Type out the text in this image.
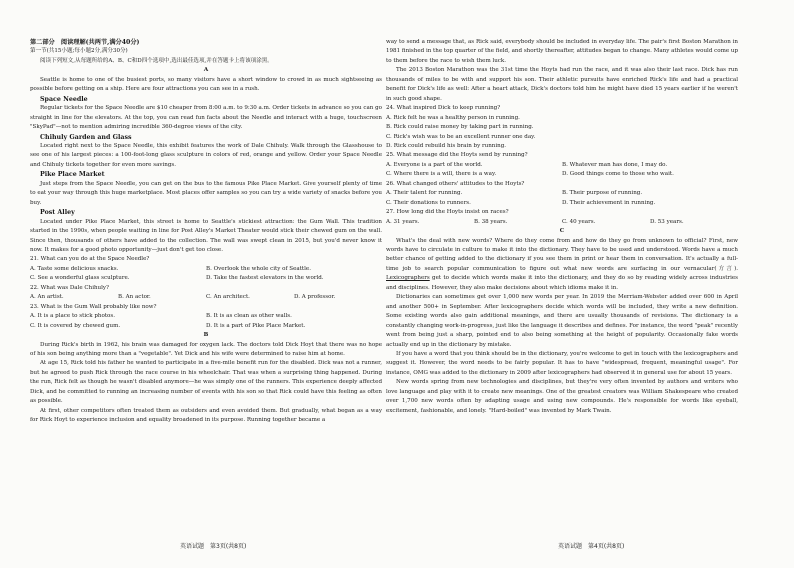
第二部分　阅读理解(共两节,满分40分)

第一节(共15小题;每小题2分,满分30分)

阅读下列短文,从每题所给的A、B、C和D四个选项中,选出最佳选项,并在答题卡上将该项涂黑。

A

Seattle is home to one of the busiest ports, so many visitors have a short window to crowd in as much sightseeing as possible before getting on a ship. Here are four attractions you can see in a rush.

Space Needle

Regular tickets for the Space Needle are $10 cheaper from 8:00 a.m. to 9:30 a.m. Order tickets in advance so you can go straight in line for the elevators. At the top, you can read fun facts about the Needle and interact with a huge, touchscreen "SkyPad"—not to mention admiring incredible 360-degree views of the city.

Chihuly Garden and Glass

Located right next to the Space Needle, this exhibit features the work of Dale Chihuly. Walk through the Glasshouse to see one of his largest pieces: a 100-foot-long glass sculpture in colors of red, orange and yellow. Order your Space Needle and Chihuly tickets together for even more savings.

Pike Place Market

Just steps from the Space Needle, you can get on the bus to the famous Pike Place Market. Give yourself plenty of time to eat your way through this huge marketplace. Most places offer samples so you can try a wide variety of snacks before you buy.

Post Alley

Located under Pike Place Market, this street is home to Seattle's stickiest attraction: the Gum Wall. This tradition started in the 1990s, when people waiting in line for Post Alley's Market Theater would stick their chewed gum on the wall. Since then, thousands of others have added to the collection. The wall was swept clean in 2015, but you'd never know it now. It makes for a good photo opportunity—just don't get too close.

21. What can you do at the Space Needle?

A. Taste some delicious snacks.	B. Overlook the whole city of Seattle.
C. See a wonderful glass sculpture.	D. Take the fastest elevators in the world.

22. What was Dale Chihuly?

A. An artist.	B. An actor.	C. An architect.	D. A professor.

23. What is the Gum Wall probably like now?

A. It is a place to stick photos.	B. It is as clean as other walls.
C. It is covered by chewed gum.	D. It is a part of Pike Place Market.

B

During Rick's birth in 1962, his brain was damaged for oxygen lack. The doctors told Dick Hoyt that there was no hope of his son being anything more than a "vegetable". Yet Dick and his wife were determined to raise him at home.

At age 15, Rick told his father he wanted to participate in a five-mile benefit run for the disabled. Dick was not a runner, but he agreed to push Rick through the race course in his wheelchair. That was when a surprising thing happened. During the run, Rick felt as though he wasn't disabled anymore—he was simply one of the runners. This experience deeply affected Dick, and he committed to running an increasing number of events with his son so that Rick could have this feeling as often as possible.

At first, other competitors often treated them as outsiders and even avoided them. But gradually, what began as a way for Rick Hoyt to experience inclusion and equality broadened in its purpose. Running together became a

way to send a message that, as Rick said, everybody should be included in everyday life. The pair's first Boston Marathon in 1981 finished in the top quarter of the field, and shortly thereafter, attitudes began to change. Many athletes would come up to them before the race to wish them luck.

The 2013 Boston Marathon was the 31st time the Hoyts had run the race, and it was also their last race. Dick has run thousands of miles to be with and support his son. Their athletic pursuits have enriched Rick's life and had a practical benefit for Dick's life as well: After a heart attack, Dick's doctors told him he might have died 15 years earlier if he weren't in such good shape.

24. What inspired Dick to keep running?

A. Rick felt he was a healthy person in running.

B. Rick could raise money by taking part in running.

C. Rick's wish was to be an excellent runner one day.

D. Rick could rebuild his brain by running.

25. What message did the Hoyts send by running?

A. Everyone is a part of the world.	B. Whatever man has done, I may do.
C. Where there is a will, there is a way.	D. Good things come to those who wait.

26. What changed others' attitudes to the Hoyts?

A. Their talent for running.	B. Their purpose of running.
C. Their donations to runners.	D. Their achievement in running.

27. How long did the Hoyts insist on races?

A. 31 years.	B. 38 years.	C. 40 years.	D. 53 years.

C

What's the deal with new words? Where do they come from and how do they go from unknown to official? First, new words have to circulate in culture to make it into the dictionary. They have to be used and understood. Words have a much better chance of getting added to the dictionary if you see them in print or hear them in conversation. It's actually a full-time job to search popular communication to figure out what new words are surfacing in our vernacular(方言). Lexicographers get to decide which words make it into the dictionary, and they do so by reading widely across industries and disciplines. However, they also make decisions about which idioms make it in.

Dictionaries can sometimes get over 1,000 new words per year. In 2019 the Merriam-Webster added over 600 in April and another 500+ in September. After lexicographers decide which words will be included, they write a new definition. Some existing words also gain additional meanings, and there are usually thousands of revisions. The dictionary is a constantly changing work-in-progress, just like the language it describes and defines. For instance, the word "peak" recently went from being just a sharp, pointed end to also being something at the height of popularity. Occasionally fake words actually end up in the dictionary by mistake.

If you have a word that you think should be in the dictionary, you're welcome to get in touch with the lexicographers and suggest it. However, the word needs to be fairly popular. It has to have "widespread, frequent, meaningful usage". For instance, OMG was added to the dictionary in 2009 after lexicographers had observed it in general use for about 15 years.

New words spring from new technologies and disciplines, but they're very often invented by authors and writers who love language and play with it to create new meanings. One of the greatest creators was William Shakespeare who created over 1,700 new words often by adapting usage and using new compounds. He's responsible for words like eyeball, excitement, fashionable, and lonely. "Hard-boiled" was invented by Mark Twain.

英语试题　第3页(共8页)	英语试题　第4页(共8页)
